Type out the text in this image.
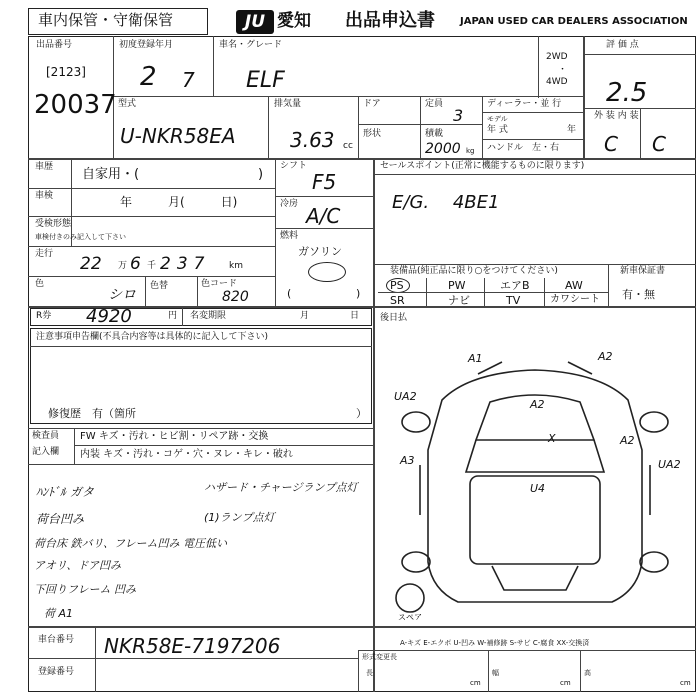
車内保管・守衛保管	JU 愛知 出品申込書	JAPAN USED CAR DEALERS ASSOCIATION
出品番号
[2123]
20037
初度登録年月
2 7
車名・グレード
ELF
2WD
・
4WD
評 価 点
2.5
外 装 内 装
C C
型式
U-NKR58EA
排気量
3.63 cc
ドア
形状
定員
3
積載
2000 kg
ディーラー・並 行
モデル
年 式	年
ハンドル　左・右
車歴 自家用・(	)
車検	年　　　月(　　　日)
受検形態
車検付きのみ記入して下さい
走行 22 万 6 千 237 km
色
シロ
色替	色コード
820
シフト
F5
冷房 A/C
燃料
ガソリン
(	)
セールスポイント(正常に機能するものに限ります)
E/G. 4BE1
装備品(純正品に限り○をつけてください)	新車保証書
有・無
PS	PW	エアB	AW
SR	ナビ	TV	カワシート
R券 4920	円 名変期限	月	日 後日払
注意事項申告欄(不具合内容等は具体的に記入して下さい)
修復歴　有（箇所	）
検査員
記入欄
FW キズ・汚れ・ヒビ割・リペア跡・交換
内装 キズ・汚れ・コゲ・穴・ヌレ・キレ・破れ
ﾊﾝﾄﾞﾙ ガタ	ハザード・チャージランプ点灯
荷台凹み	(1)ランプ点灯
荷台床 鉄バリ、フレーム凹み 電圧低い
アオリ、ドア凹み
下回りフレーム 凹み
荷 A1
車台番号 NKR58E-7197206
登録番号
形式変更長
A-キズ E-エクボ U-凹み W-補修跡 S-サビ C-腐食 XX-交換済
長
cm
幅
cm
高
cm
スペア
A1	A2
A2
UA2
UA2
A3
A2
U4
X
